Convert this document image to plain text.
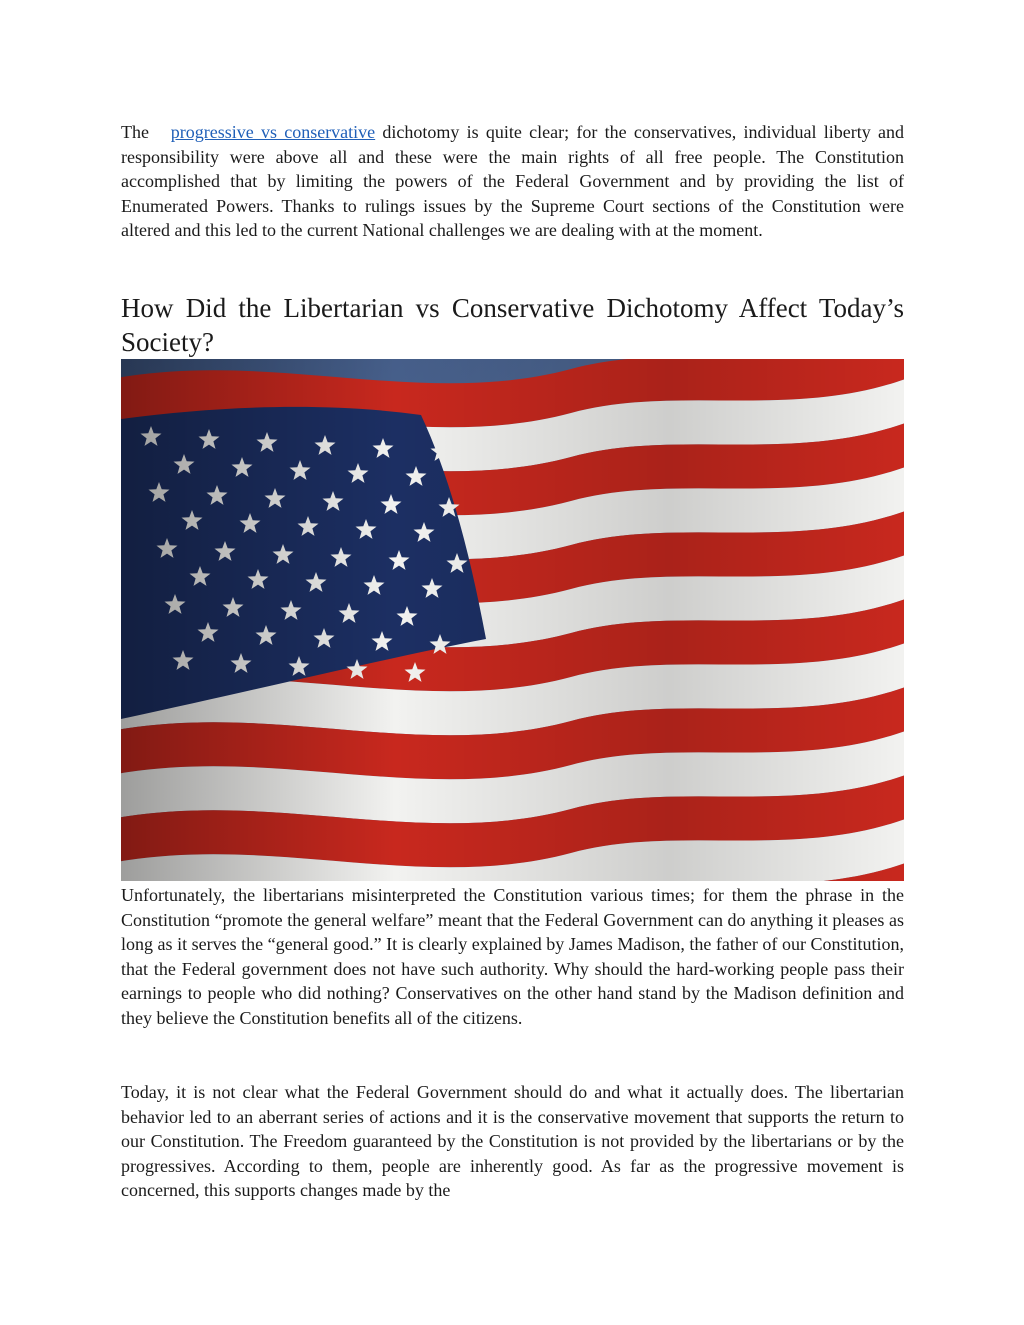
The progressive vs conservative dichotomy is quite clear; for the conservatives, individual liberty and responsibility were above all and these were the main rights of all free people. The Constitution accomplished that by limiting the powers of the Federal Government and by providing the list of Enumerated Powers. Thanks to rulings issues by the Supreme Court sections of the Constitution were altered and this led to the current National challenges we are dealing with at the moment.

How Did the Libertarian vs Conservative Dichotomy Affect Today’s Society?

Unfortunately, the libertarians misinterpreted the Constitution various times; for them the phrase in the Constitution “promote the general welfare” meant that the Federal Government can do anything it pleases as long as it serves the “general good.” It is clearly explained by James Madison, the father of our Constitution, that the Federal government does not have such authority. Why should the hard-working people pass their earnings to people who did nothing? Conservatives on the other hand stand by the Madison definition and they believe the Constitution benefits all of the citizens.

Today, it is not clear what the Federal Government should do and what it actually does. The libertarian behavior led to an aberrant series of actions and it is the conservative movement that supports the return to our Constitution. The Freedom guaranteed by the Constitution is not provided by the libertarians or by the progressives. According to them, people are inherently good. As far as the progressive movement is concerned, this supports changes made by the
